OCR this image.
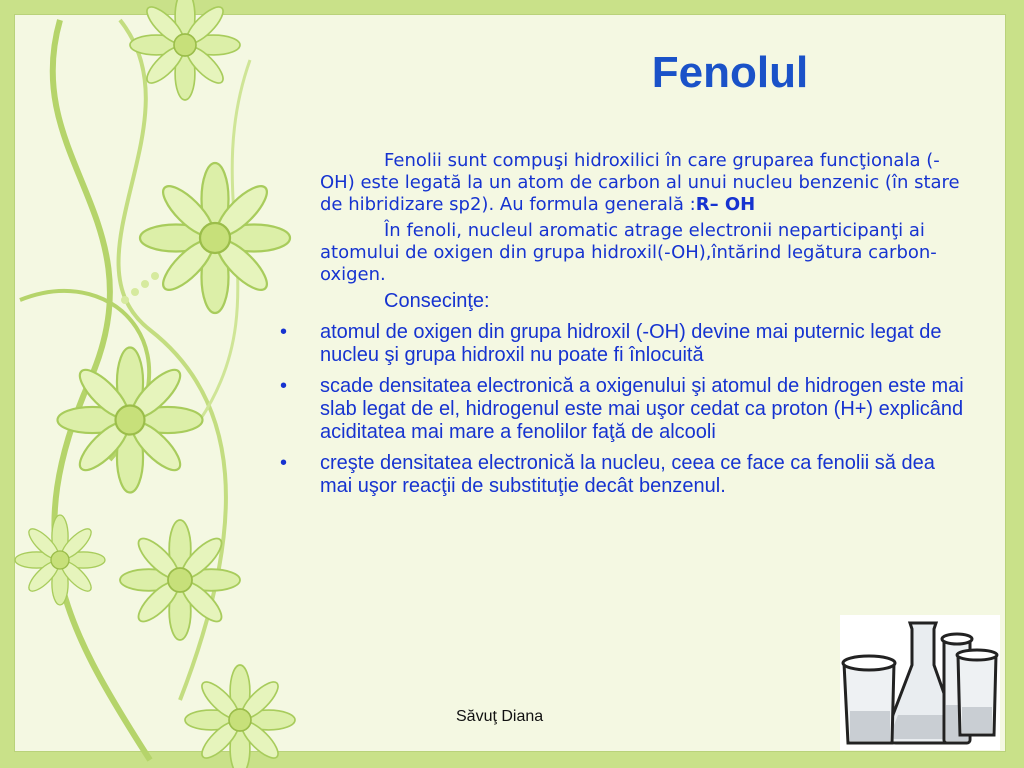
Fenolul

Fenolii sunt compuşi hidroxilici în care gruparea funcţionala (-OH) este legată la un atom de carbon al unui nucleu benzenic (în stare de hibridizare sp2). Au formula generală :R– OH

În fenoli, nucleul aromatic atrage electronii neparticipanţi ai atomului de oxigen din grupa hidroxil(-OH),întărind legătura carbon-oxigen.

Consecinţe:

•	atomul de oxigen din grupa hidroxil (-OH) devine mai puternic legat de nucleu şi grupa hidroxil nu poate fi înlocuită
•	scade densitatea electronică a oxigenului şi atomul de hidrogen este mai slab legat de el, hidrogenul este mai uşor cedat ca proton (H+) explicând aciditatea mai mare a fenolilor faţă de alcooli
•	creşte densitatea electronică la nucleu, ceea ce face ca fenolii să dea mai uşor reacţii de substituţie decât benzenul.
Săvuţ Diana
